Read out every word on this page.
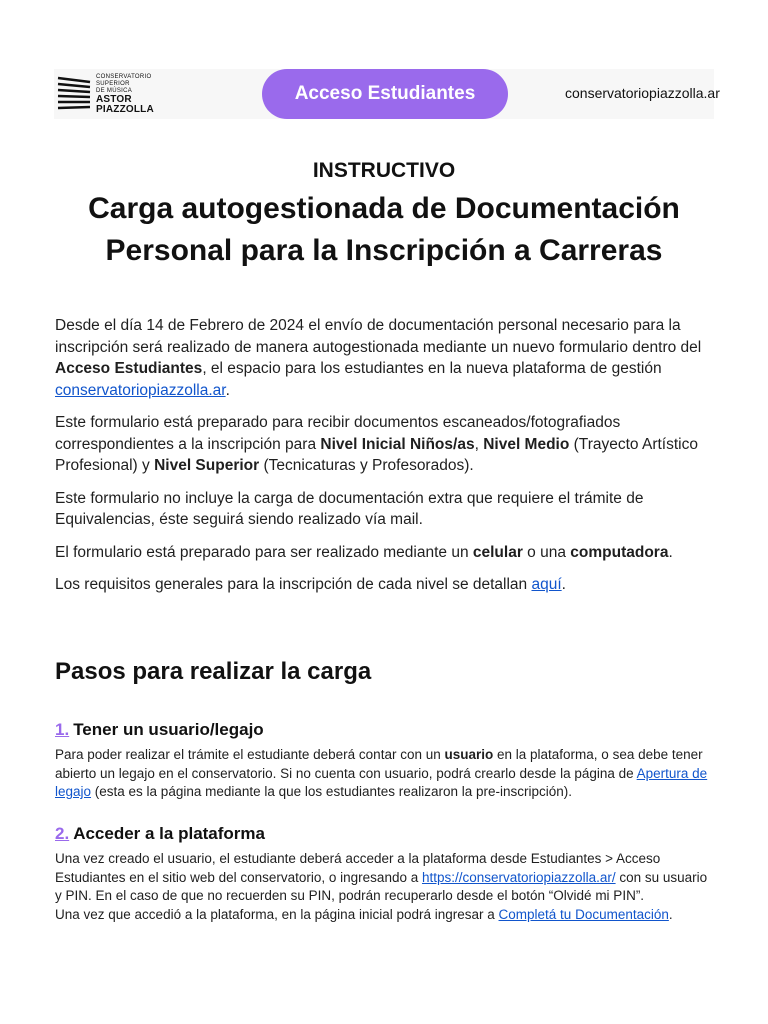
CONSERVATORIO
SUPERIOR
DE MÚSICA
ASTOR
PIAZZOLLA
Acceso Estudiantes	conservatoriopiazzolla.ar
INSTRUCTIVO
Carga autogestionada de Documentación
Personal para la Inscripción a Carreras

Desde el día 14 de Febrero de 2024 el envío de documentación personal necesario para la inscripción será realizado de manera autogestionada mediante un nuevo formulario dentro del Acceso Estudiantes, el espacio para los estudiantes en la nueva plataforma de gestión conservatoriopiazzolla.ar.

Este formulario está preparado para recibir documentos escaneados/fotografiados correspondientes a la inscripción para Nivel Inicial Niños/as, Nivel Medio (Trayecto Artístico Profesional) y Nivel Superior (Tecnicaturas y Profesorados).

Este formulario no incluye la carga de documentación extra que requiere el trámite de Equivalencias, éste seguirá siendo realizado vía mail.

El formulario está preparado para ser realizado mediante un celular o una computadora.

Los requisitos generales para la inscripción de cada nivel se detallan aquí.

Pasos para realizar la carga
1. Tener un usuario/legajo

Para poder realizar el trámite el estudiante deberá contar con un usuario en la plataforma, o sea debe tener abierto un legajo en el conservatorio. Si no cuenta con usuario, podrá crearlo desde la página de Apertura de legajo (esta es la página mediante la que los estudiantes realizaron la pre-inscripción).

2. Acceder a la plataforma

Una vez creado el usuario, el estudiante deberá acceder a la plataforma desde Estudiantes > Acceso Estudiantes en el sitio web del conservatorio, o ingresando a https://conservatoriopiazzolla.ar/ con su usuario y PIN. En el caso de que no recuerden su PIN, podrán recuperarlo desde el botón “Olvidé mi PIN”.
Una vez que accedió a la plataforma, en la página inicial podrá ingresar a Completá tu Documentación.
